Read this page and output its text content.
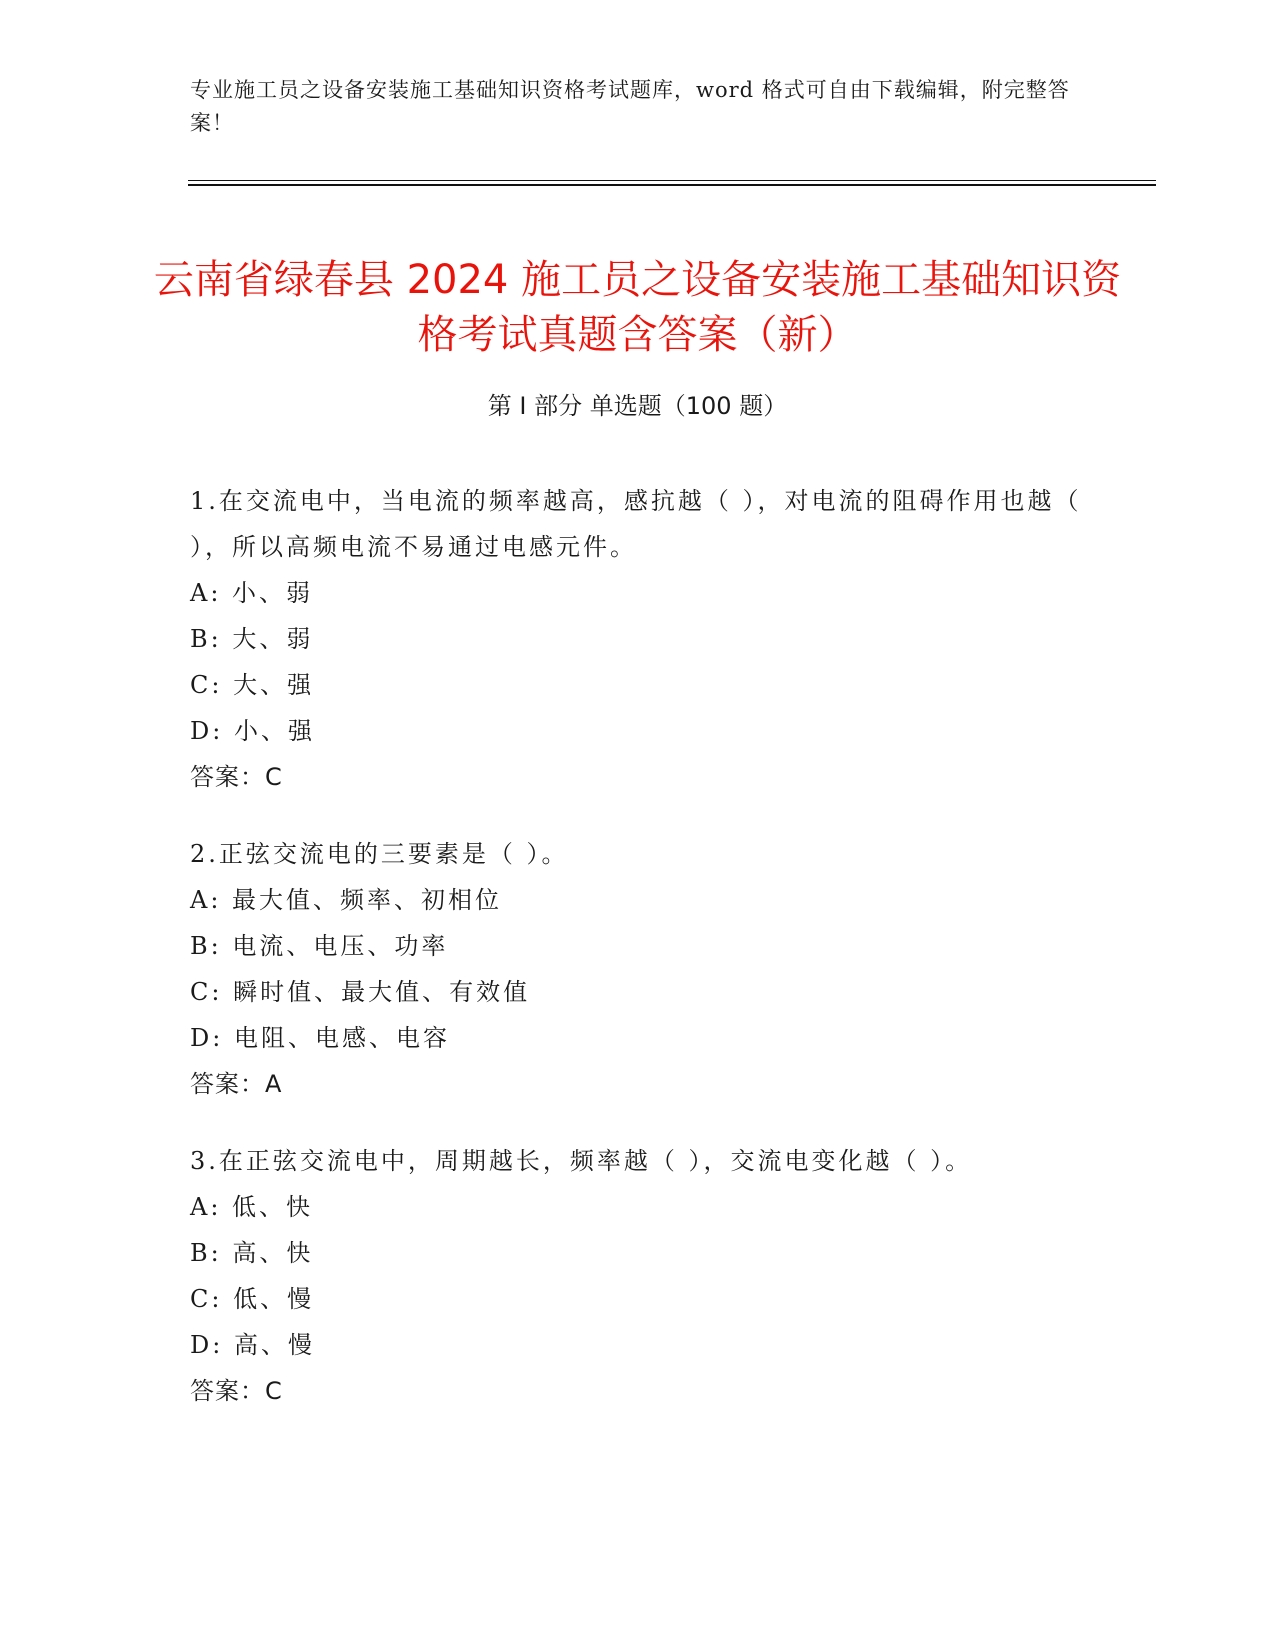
专业施工员之设备安装施工基础知识资格考试题库，word 格式可自由下载编辑，附完整答案！
云南省绿春县 2024 施工员之设备安装施工基础知识资格考试真题含答案（新）
第 I 部分 单选题（100 题）
1.在交流电中，当电流的频率越高，感抗越（ ），对电流的阻碍作用也越（ ），所以高频电流不易通过电感元件。
A: 小、弱
B: 大、弱
C: 大、强
D: 小、强
答案：C
2.正弦交流电的三要素是（ ）。
A: 最大值、频率、初相位
B: 电流、电压、功率
C: 瞬时值、最大值、有效值
D: 电阻、电感、电容
答案：A
3.在正弦交流电中，周期越长，频率越（ ），交流电变化越（ ）。
A: 低、快
B: 高、快
C: 低、慢
D: 高、慢
答案：C
